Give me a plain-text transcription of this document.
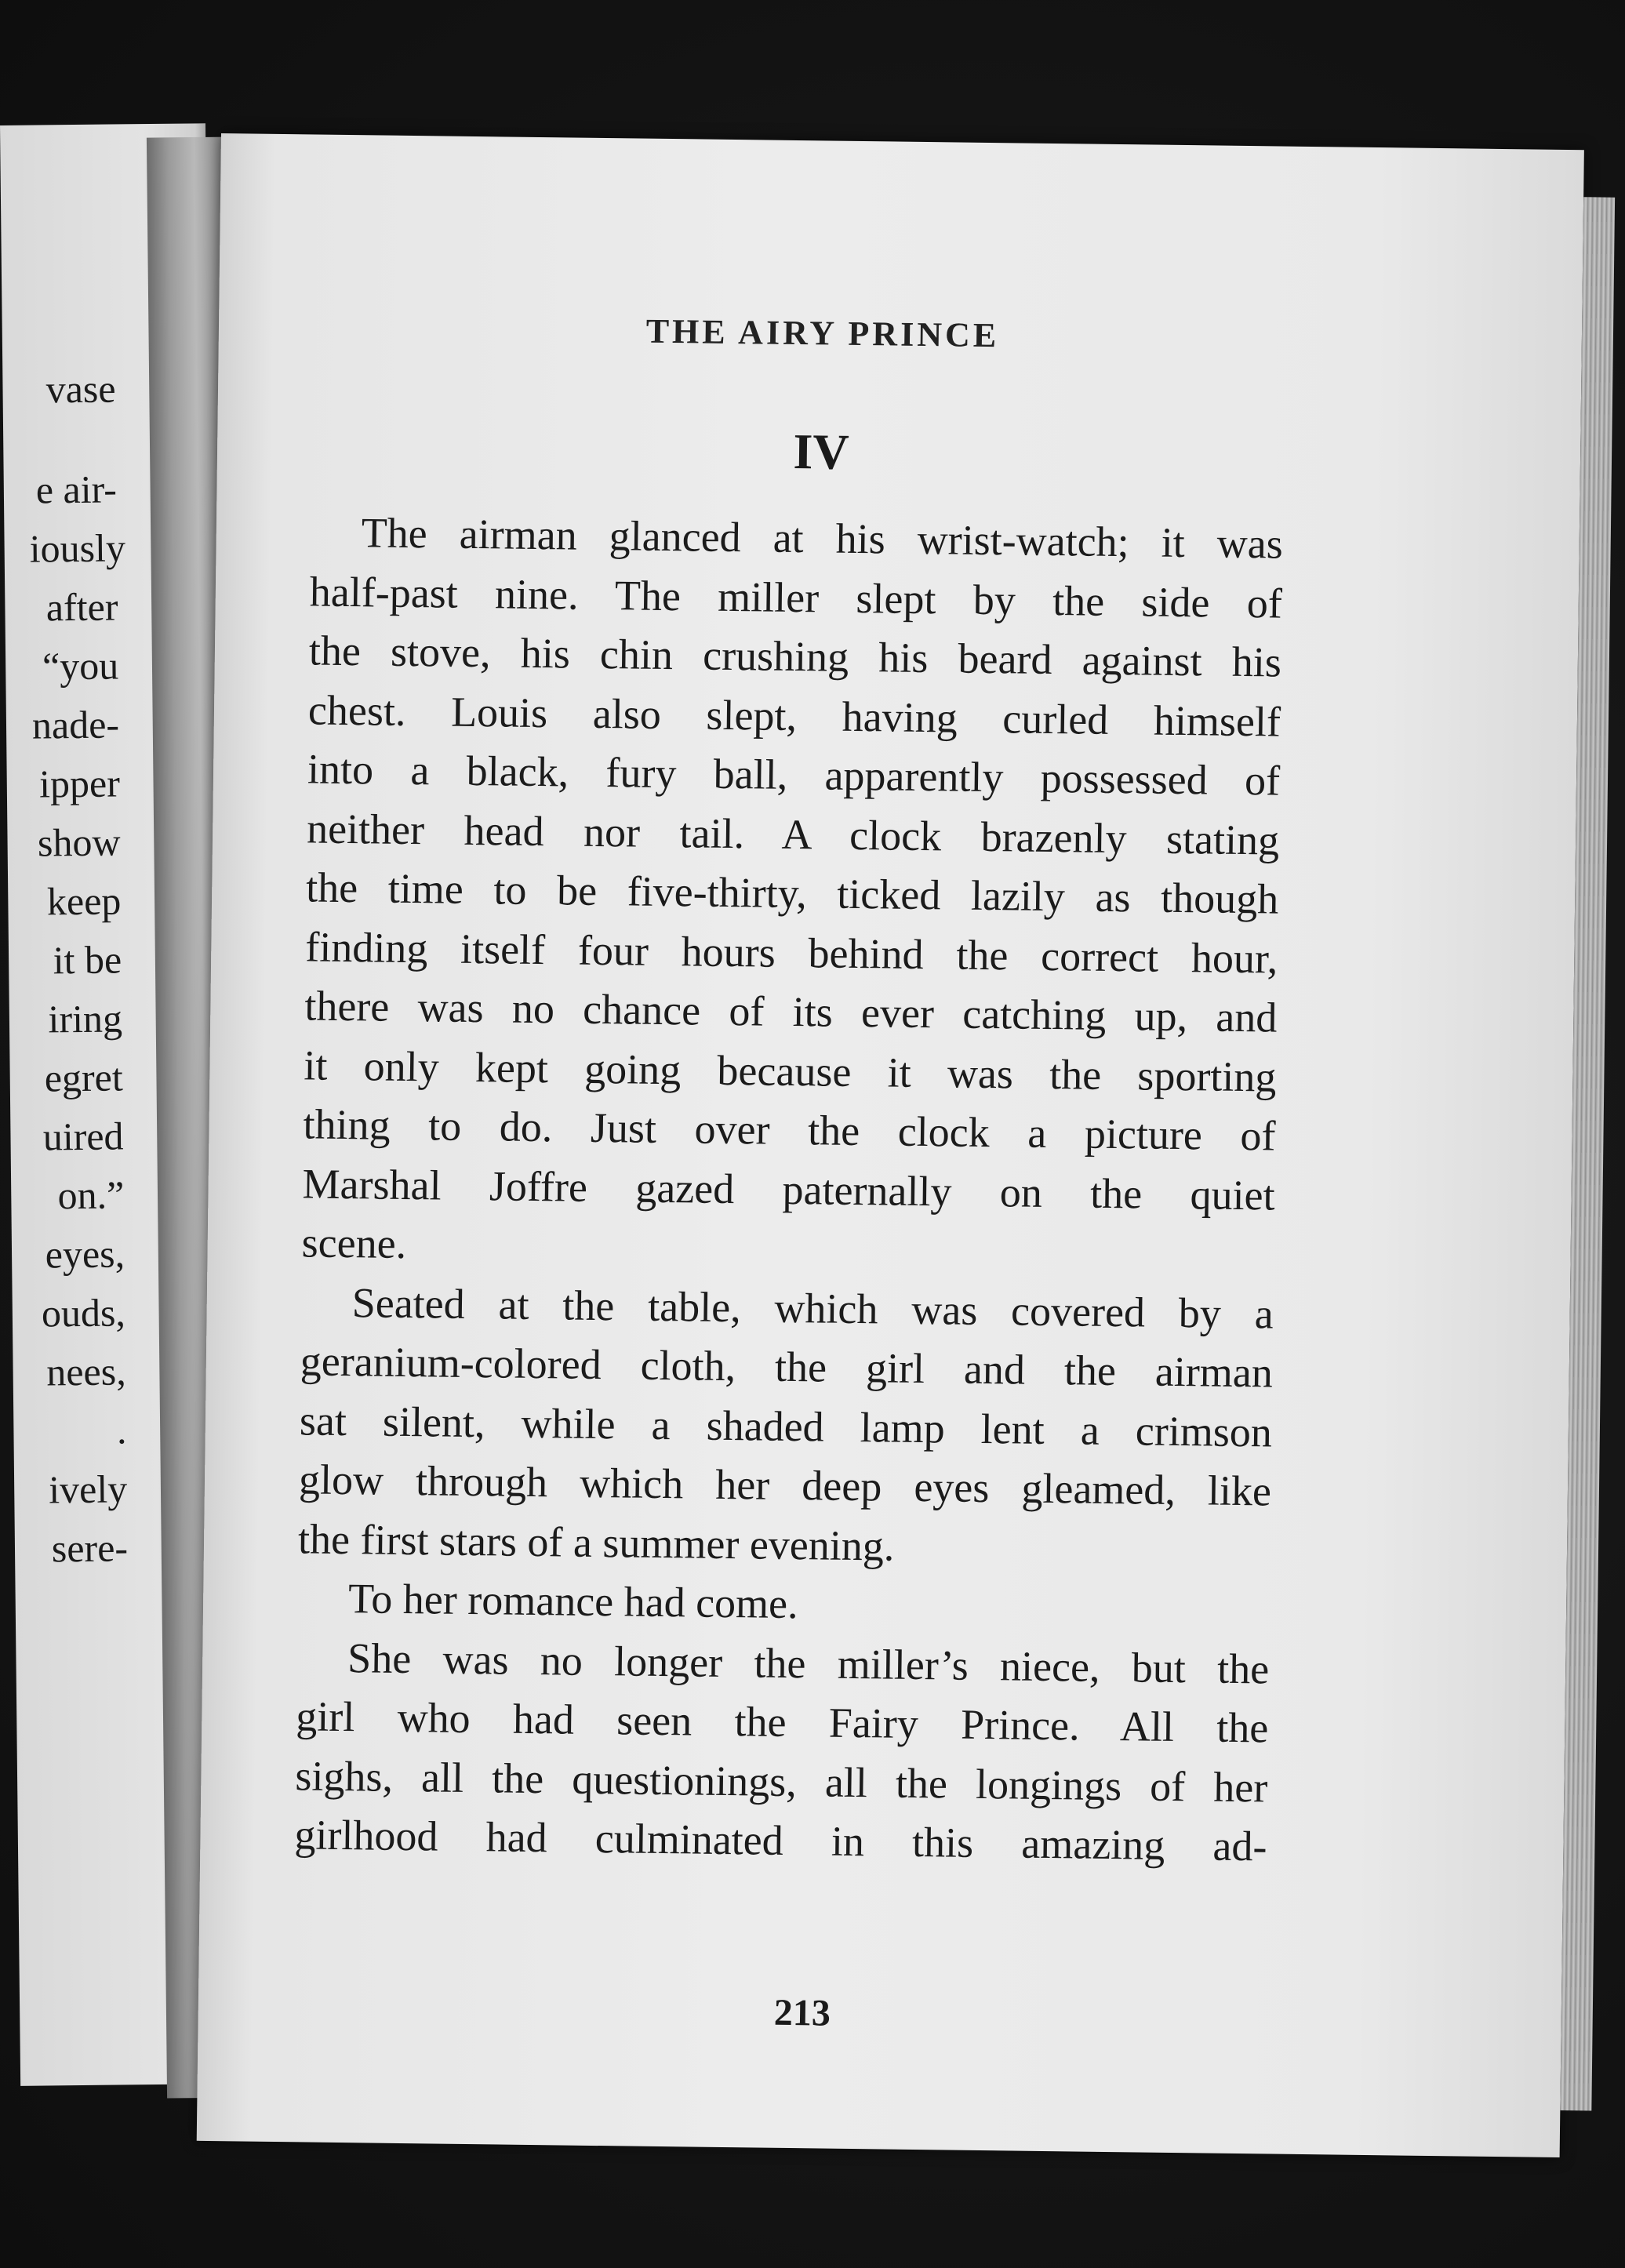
vase
e air-
iously
after
“you
nade-
ipper
show
keep
it be
iring
egret
uired
on.”
eyes,
ouds,
nees,
.
ively
sere-
THE AIRY PRINCE
IV
The airman glanced at his wrist-watch; it was
half-past nine. The miller slept by the side of
the stove, his chin crushing his beard against his
chest. Louis also slept, having curled himself
into a black, fury ball, apparently possessed of
neither head nor tail. A clock brazenly stating
the time to be five-thirty, ticked lazily as though
finding itself four hours behind the correct hour,
there was no chance of its ever catching up, and
it only kept going because it was the sporting
thing to do. Just over the clock a picture of
Marshal Joffre gazed paternally on the quiet
scene.
Seated at the table, which was covered by a
geranium-colored cloth, the girl and the airman
sat silent, while a shaded lamp lent a crimson
glow through which her deep eyes gleamed, like
the first stars of a summer evening.
To her romance had come.
She was no longer the miller’s niece, but the
girl who had seen the Fairy Prince. All the
sighs, all the questionings, all the longings of her
girlhood had culminated in this amazing ad-
213
